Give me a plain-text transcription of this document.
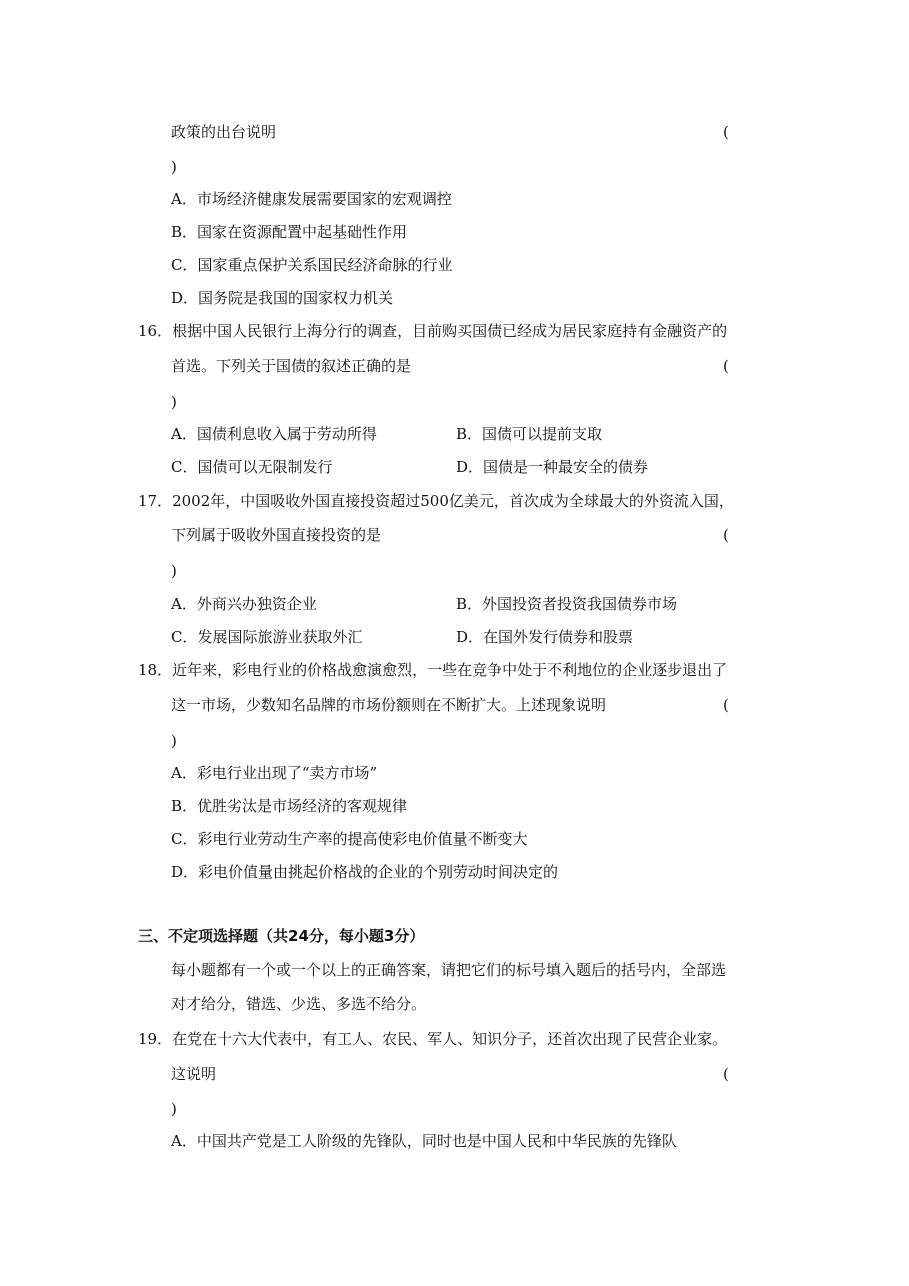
政策的出台说明	(
)
A．市场经济健康发展需要国家的宏观调控
B．国家在资源配置中起基础性作用
C．国家重点保护关系国民经济命脉的行业
D．国务院是我国的国家权力机关
16．根据中国人民银行上海分行的调查，目前购买国债已经成为居民家庭持有金融资产的
首选。下列关于国债的叙述正确的是	(
)
A．国债利息收入属于劳动所得	B．国债可以提前支取
C．国债可以无限制发行	D．国债是一种最安全的债券
17．2002年，中国吸收外国直接投资超过500亿美元，首次成为全球最大的外资流入国，
下列属于吸收外国直接投资的是	(
)
A．外商兴办独资企业	B．外国投资者投资我国债券市场
C．发展国际旅游业获取外汇	D．在国外发行债券和股票
18．近年来，彩电行业的价格战愈演愈烈，一些在竞争中处于不利地位的企业逐步退出了
这一市场，少数知名品牌的市场份额则在不断扩大。上述现象说明	(
)
A．彩电行业出现了“卖方市场”
B．优胜劣汰是市场经济的客观规律
C．彩电行业劳动生产率的提高使彩电价值量不断变大
D．彩电价值量由挑起价格战的企业的个别劳动时间决定的
三、不定项选择题（共24分，每小题3分）
每小题都有一个或一个以上的正确答案，请把它们的标号填入题后的括号内，全部选
对才给分，错选、少选、多选不给分。
19．在党在十六大代表中，有工人、农民、军人、知识分子，还首次出现了民营企业家。
这说明	(
)
A．中国共产党是工人阶级的先锋队，同时也是中国人民和中华民族的先锋队
